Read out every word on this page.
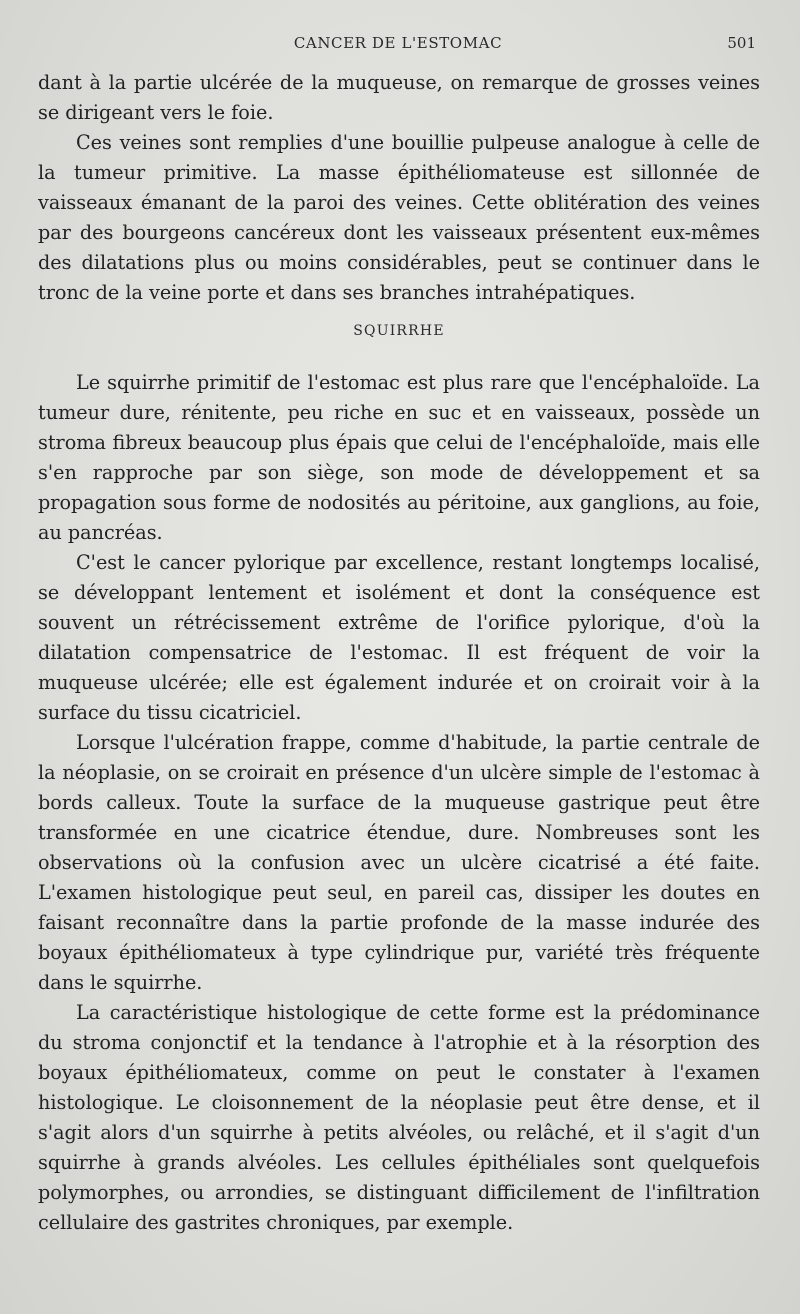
CANCER DE L'ESTOMAC	501

dant à la partie ulcérée de la muqueuse, on remarque de grosses veines se dirigeant vers le foie.

Ces veines sont remplies d'une bouillie pulpeuse analogue à celle de la tumeur primitive. La masse épithéliomateuse est sillonnée de vaisseaux émanant de la paroi des veines. Cette oblitération des veines par des bourgeons cancéreux dont les vaisseaux présentent eux-mêmes des dilatations plus ou moins considérables, peut se continuer dans le tronc de la veine porte et dans ses branches intrahépatiques.

SQUIRRHE

Le squirrhe primitif de l'estomac est plus rare que l'encéphaloïde. La tumeur dure, rénitente, peu riche en suc et en vaisseaux, possède un stroma fibreux beaucoup plus épais que celui de l'encéphaloïde, mais elle s'en rapproche par son siège, son mode de développement et sa propagation sous forme de nodosités au péritoine, aux ganglions, au foie, au pancréas.

C'est le cancer pylorique par excellence, restant longtemps localisé, se développant lentement et isolément et dont la conséquence est souvent un rétrécissement extrême de l'orifice pylorique, d'où la dilatation compensatrice de l'estomac. Il est fréquent de voir la muqueuse ulcérée; elle est également indurée et on croirait voir à la surface du tissu cicatriciel.

Lorsque l'ulcération frappe, comme d'habitude, la partie centrale de la néoplasie, on se croirait en présence d'un ulcère simple de l'estomac à bords calleux. Toute la surface de la muqueuse gastrique peut être transformée en une cicatrice étendue, dure. Nombreuses sont les observations où la confusion avec un ulcère cicatrisé a été faite. L'examen histologique peut seul, en pareil cas, dissiper les doutes en faisant reconnaître dans la partie profonde de la masse indurée des boyaux épithéliomateux à type cylindrique pur, variété très fréquente dans le squirrhe.

La caractéristique histologique de cette forme est la prédominance du stroma conjonctif et la tendance à l'atrophie et à la résorption des boyaux épithéliomateux, comme on peut le constater à l'examen histologique. Le cloisonnement de la néoplasie peut être dense, et il s'agit alors d'un squirrhe à petits alvéoles, ou relâché, et il s'agit d'un squirrhe à grands alvéoles. Les cellules épithéliales sont quelquefois polymorphes, ou arrondies, se distinguant difficilement de l'infiltration cellulaire des gastrites chroniques, par exemple.
